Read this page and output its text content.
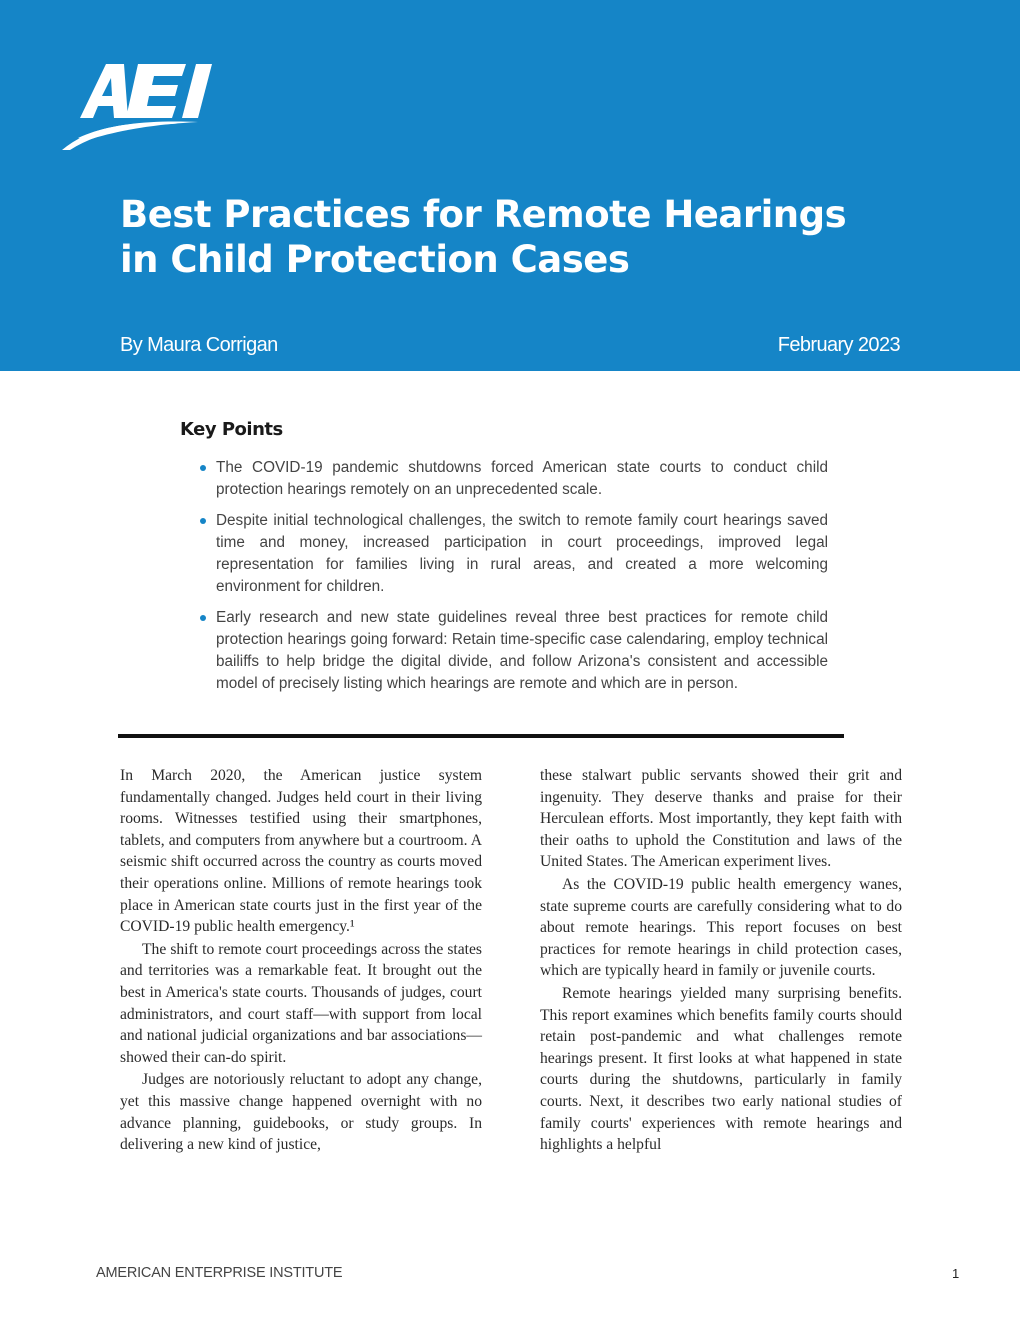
Best Practices for Remote Hearings
in Child Protection Cases
By Maura Corrigan	February 2023
Key Points
The COVID-19 pandemic shutdowns forced American state courts to conduct child protection hearings remotely on an unprecedented scale.
Despite initial technological challenges, the switch to remote family court hearings saved time and money, increased participation in court proceedings, improved legal representation for families living in rural areas, and created a more welcoming environment for children.
Early research and new state guidelines reveal three best practices for remote child protection hearings going forward: Retain time-specific case calendaring, employ technical bailiffs to help bridge the digital divide, and follow Arizona's consistent and accessible model of precisely listing which hearings are remote and which are in person.

In March 2020, the American justice system fundamentally changed. Judges held court in their living rooms. Witnesses testified using their smartphones, tablets, and computers from anywhere but a courtroom. A seismic shift occurred across the country as courts moved their operations online. Millions of remote hearings took place in American state courts just in the first year of the COVID-19 public health emergency.¹

The shift to remote court proceedings across the states and territories was a remarkable feat. It brought out the best in America's state courts. Thousands of judges, court administrators, and court staff—with support from local and national judicial organizations and bar associations—showed their can-do spirit.

Judges are notoriously reluctant to adopt any change, yet this massive change happened overnight with no advance planning, guidebooks, or study groups. In delivering a new kind of justice,

these stalwart public servants showed their grit and ingenuity. They deserve thanks and praise for their Herculean efforts. Most importantly, they kept faith with their oaths to uphold the Constitution and laws of the United States. The American experiment lives.

As the COVID-19 public health emergency wanes, state supreme courts are carefully considering what to do about remote hearings. This report focuses on best practices for remote hearings in child protection cases, which are typically heard in family or juvenile courts.

Remote hearings yielded many surprising benefits. This report examines which benefits family courts should retain post-pandemic and what challenges remote hearings present. It first looks at what happened in state courts during the shutdowns, particularly in family courts. Next, it describes two early national studies of family courts' experiences with remote hearings and highlights a helpful

AMERICAN ENTERPRISE INSTITUTE	1
